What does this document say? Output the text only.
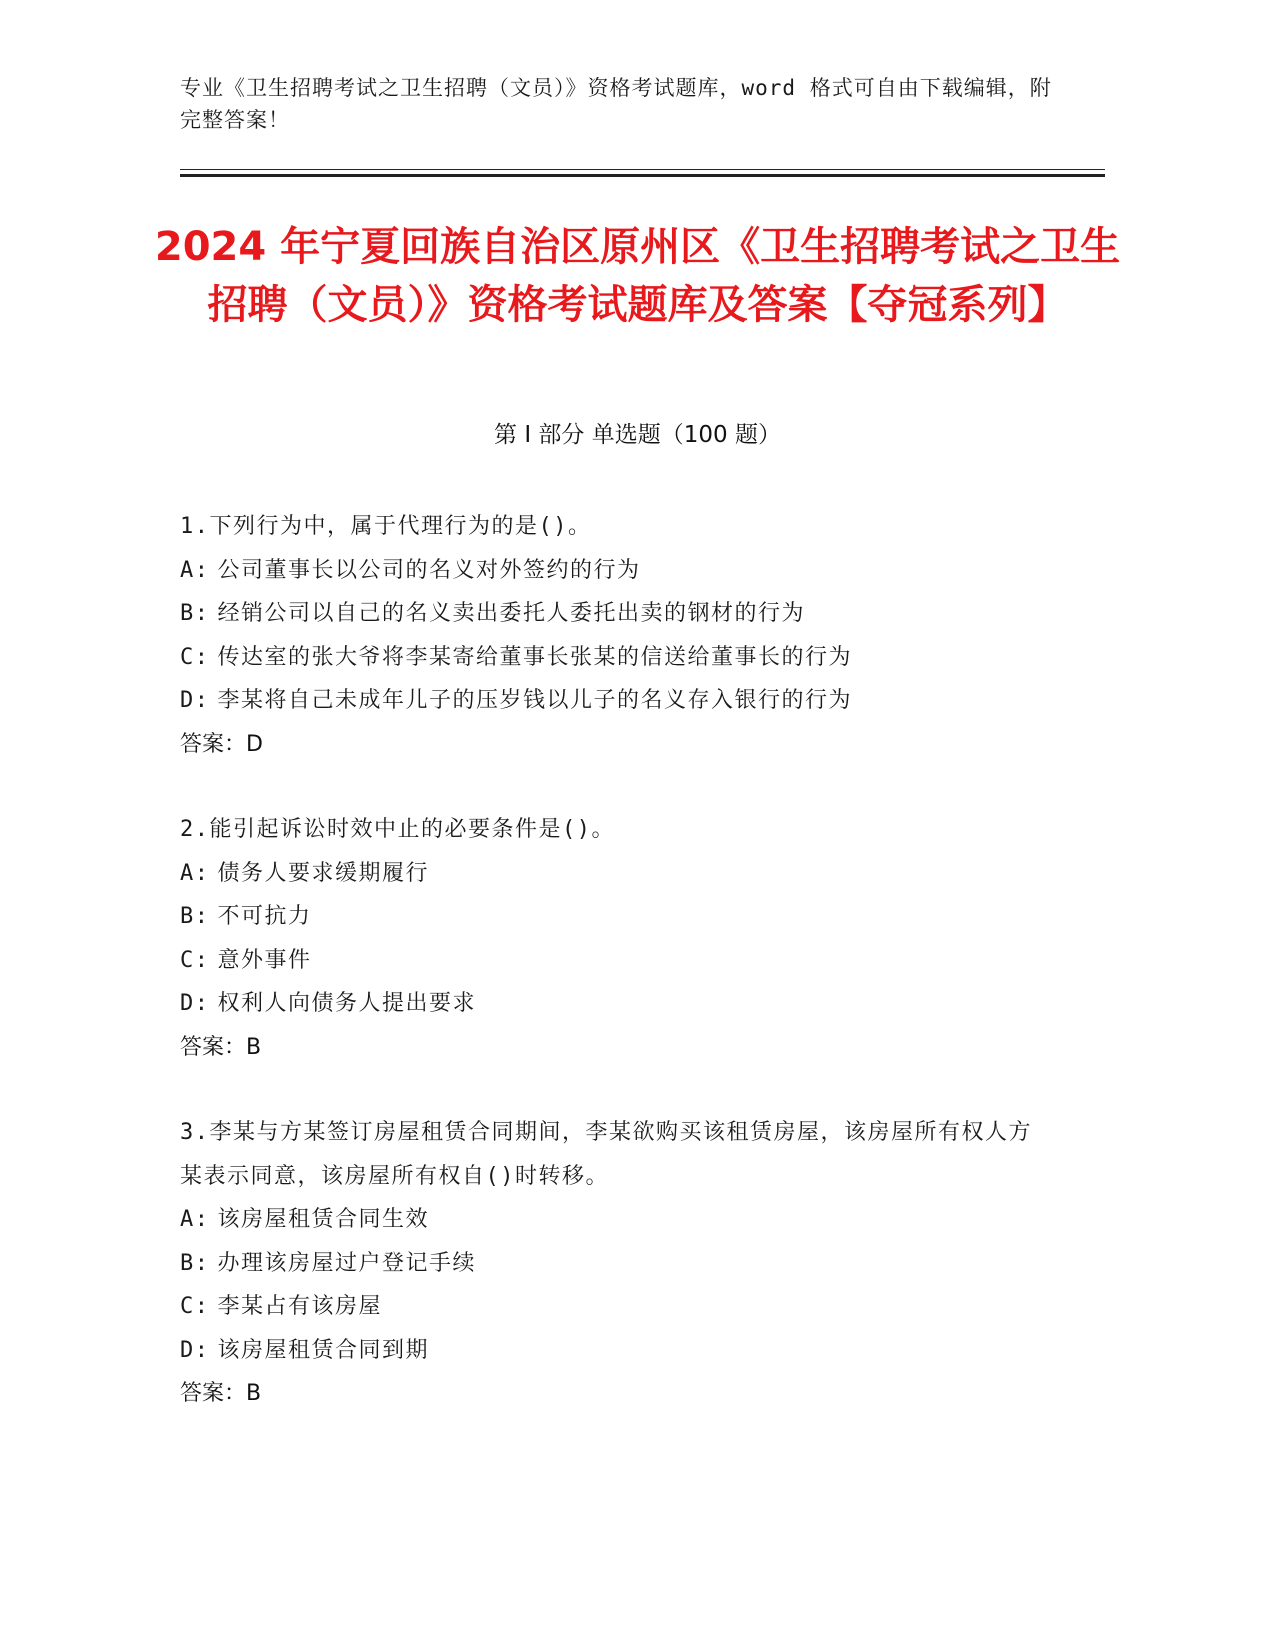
专业《卫生招聘考试之卫生招聘（文员）》资格考试题库，word 格式可自由下载编辑，附完整答案！
2024 年宁夏回族自治区原州区《卫生招聘考试之卫生招聘（文员）》资格考试题库及答案【夺冠系列】
第 I 部分 单选题（100 题）
1.下列行为中，属于代理行为的是()。
A: 公司董事长以公司的名义对外签约的行为
B: 经销公司以自己的名义卖出委托人委托出卖的钢材的行为
C: 传达室的张大爷将李某寄给董事长张某的信送给董事长的行为
D: 李某将自己未成年儿子的压岁钱以儿子的名义存入银行的行为
答案：D
2.能引起诉讼时效中止的必要条件是()。
A: 债务人要求缓期履行
B: 不可抗力
C: 意外事件
D: 权利人向债务人提出要求
答案：B
3.李某与方某签订房屋租赁合同期间，李某欲购买该租赁房屋，该房屋所有权人方某表示同意，该房屋所有权自()时转移。
A: 该房屋租赁合同生效
B: 办理该房屋过户登记手续
C: 李某占有该房屋
D: 该房屋租赁合同到期
答案：B
